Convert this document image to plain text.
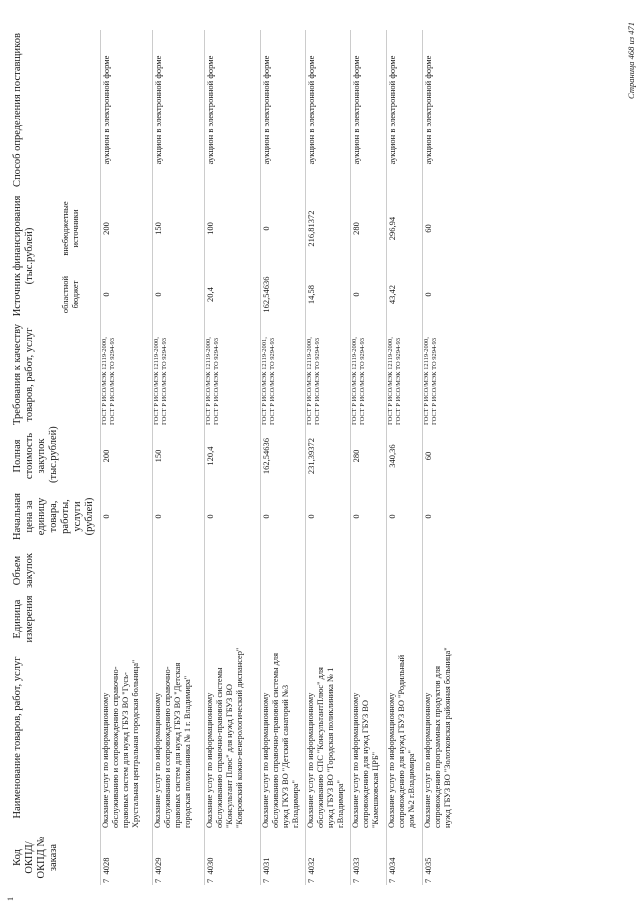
1
Код ОКПД/ ОКПД № заказа	Наименование товаров, работ, услуг	Единица измерения	Объем закупок	Начальная цена за единицу товара, работы, услуги (рублей)	Полная стоимость закупок (тыс.рублей)	Требования к качеству товаров, работ, услуг	Источник финансирования (тыс.рублей)		Способ определения поставщиков
							областной бюджет	внебюджетные источники	
7  4028	Оказание услуг по информационному обслуживанию и сопровождению справочно-правовых систем для нужд ГБУЗ ВО "Гусь-Хрустальная центральная городская больница"			0	200	ГОСТ Р ИСО/МЭК 12119-2000, ГОСТ Р ИСО/МЭК ТО 9294-93	0	200	аукцион в электронной форме
7  4029	Оказание услуг по информационному обслуживанию и сопровождению справочно-правовых систем для нужд ГБУЗ ВО "Детская городская поликлиника № 1 г. Владимира"			0	150	ГОСТ Р ИСО/МЭК 12119-2000, ГОСТ Р ИСО/МЭК ТО 9294-93	0	150	аукцион в электронной форме
7  4030	Оказание услуг по информационному обслуживанию справочно-правовой системы "Консультант Плюс" для нужд ГБУЗ ВО "Ковровский кожно-венерологический диспансер"			0	120,4	ГОСТ Р ИСО/МЭК 12119-2000, ГОСТ Р ИСО/МЭК ТО 9294-93	20,4	100	аукцион в электронной форме
7  4031	Оказание услуг по информационному обслуживанию справочно-правовой системы для нужд ГКУЗ ВО "Детский санаторий №3 г.Владимира"			0	162,54636	ГОСТ Р ИСО/МЭК 12119-2001, ГОСТ Р ИСО/МЭК ТО 9294-93	162,54636	0	аукцион в электронной форме
7  4032	Оказание услуг по информационному обслуживанию СПС "КонсультантПлюс" для нужд ГБУЗ ВО "Городская поликлиника № 1 г.Владимира"			0	231,39372	ГОСТ Р ИСО/МЭК 12119-2000, ГОСТ Р ИСО/МЭК ТО 9294-93	14,58	216,81372	аукцион в электронной форме
7  4033	Оказание услуг по информационному сопровождению для нужд ГБУЗ ВО "Камешковская ЦРБ"			0	280	ГОСТ Р ИСО/МЭК 12119-2000, ГОСТ Р ИСО/МЭК ТО 9294-93	0	280	аукцион в электронной форме
7  4034	Оказание услуг по информационному сопровождению для нужд ГБУЗ ВО "Родильный дом №2 г.Владимира"			0	340,36	ГОСТ Р ИСО/МЭК 12119-2000, ГОСТ Р ИСО/МЭК ТО 9294-93	43,42	296,94	аукцион в электронной форме
7  4035	Оказание услуг по информационному сопровождению программных продуктов для нужд ГБУЗ ВО "Золотковская районная больница"			0	60	ГОСТ Р ИСО/МЭК 12119-2000, ГОСТ Р ИСО/МЭК ТО 9294-93	0	60	аукцион в электронной форме	Страница 468 из 471
